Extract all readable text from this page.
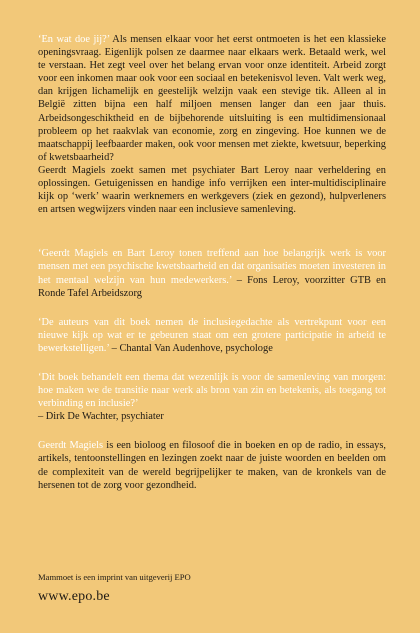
‘En wat doe jij?’ Als mensen elkaar voor het eerst ontmoeten is het een klassieke openingsvraag. Eigenlijk polsen ze daarmee naar elkaars werk. Betaald werk, wel te verstaan. Het zegt veel over het belang ervan voor onze identiteit. Arbeid zorgt voor een inkomen maar ook voor een sociaal en betekenisvol leven. Valt werk weg, dan krijgen lichamelijk en geestelijk welzijn vaak een stevige tik. Alleen al in België zitten bijna een half miljoen mensen langer dan een jaar thuis. Arbeidsongeschiktheid en de bijbehorende uitsluiting is een multidimensionaal probleem op het raakvlak van economie, zorg en zingeving. Hoe kunnen we de maatschappij leefbaarder maken, ook voor mensen met ziekte, kwetsuur, beperking of kwetsbaarheid?

Geerdt Magiels zoekt samen met psychiater Bart Leroy naar verheldering en oplossingen. Getuigenissen en handige info verrijken een inter-multidisciplinaire kijk op ‘werk’ waarin werknemers en werkgevers (ziek en gezond), hulpverleners en artsen wegwijzers vinden naar een inclusieve samenleving.

‘Geerdt Magiels en Bart Leroy tonen treffend aan hoe belangrijk werk is voor mensen met een psychische kwetsbaarheid en dat organisaties moeten investeren in het mentaal welzijn van hun medewerkers.’ – Fons Leroy, voorzitter GTB en Ronde Tafel Arbeidszorg

‘De auteurs van dit boek nemen de inclusiegedachte als vertrekpunt voor een nieuwe kijk op wat er te gebeuren staat om een grotere participatie in arbeid te bewerkstelligen.’ – Chantal Van Audenhove, psychologe

‘Dit boek behandelt een thema dat wezenlijk is voor de samenleving van morgen: hoe maken we de transitie naar werk als bron van zin en betekenis, als toegang tot verbinding en inclusie?’
– Dirk De Wachter, psychiater

Geerdt Magiels is een bioloog en filosoof die in boeken en op de radio, in essays, artikels, tentoonstellingen en lezingen zoekt naar de juiste woorden en beelden om de complexiteit van de wereld begrijpelijker te maken, van de kronkels van de hersenen tot de zorg voor gezondheid.

Mammoet is een imprint van uitgeverij EPO
www.epo.be
